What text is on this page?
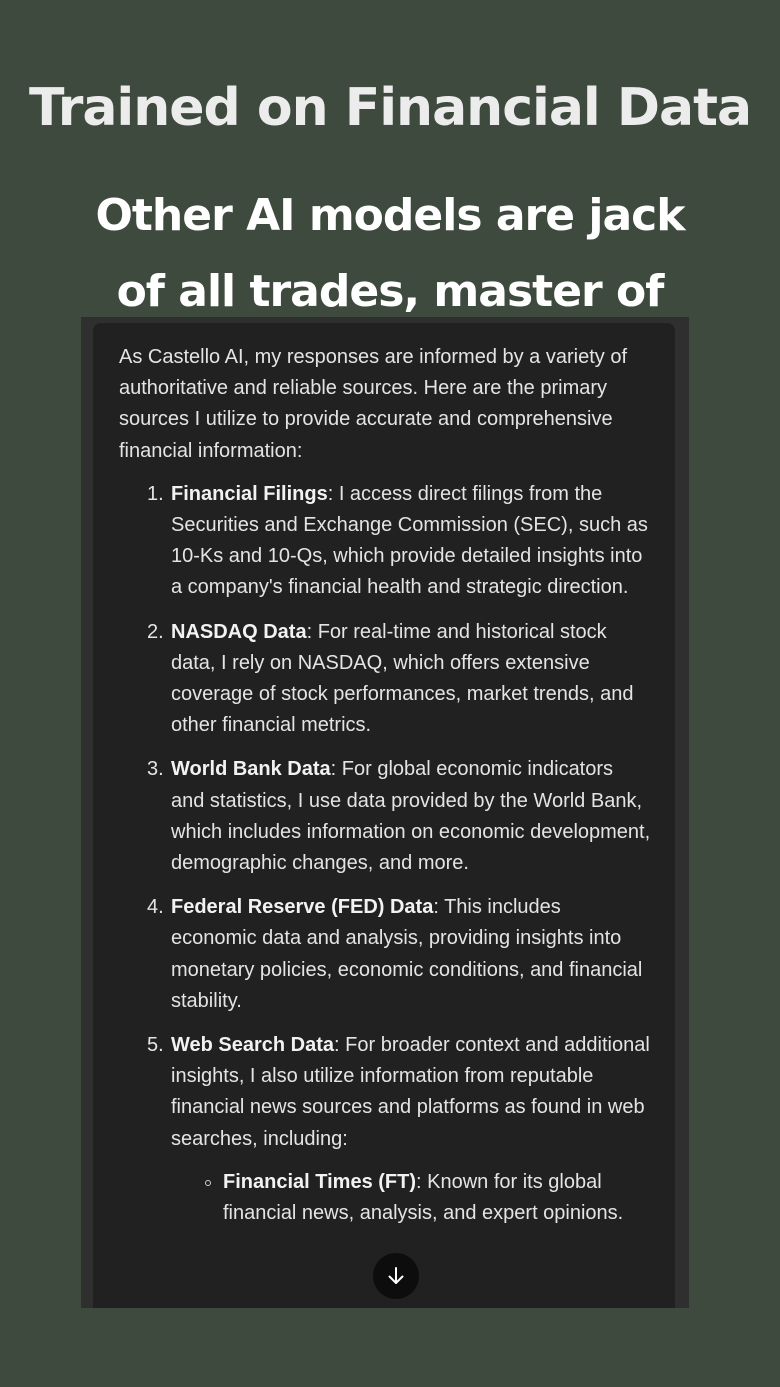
Trained on Financial Data
Other AI models are jack
of all trades, master of

As Castello AI, my responses are informed by a variety of authoritative and reliable sources. Here are the primary sources I utilize to provide accurate and comprehensive financial information:

1. Financial Filings: I access direct filings from the Securities and Exchange Commission (SEC), such as 10-Ks and 10-Qs, which provide detailed insights into a company's financial health and strategic direction.
2. NASDAQ Data: For real-time and historical stock data, I rely on NASDAQ, which offers extensive coverage of stock performances, market trends, and other financial metrics.
3. World Bank Data: For global economic indicators and statistics, I use data provided by the World Bank, which includes information on economic development, demographic changes, and more.
4. Federal Reserve (FED) Data: This includes economic data and analysis, providing insights into monetary policies, economic conditions, and financial stability.
5. Web Search Data: For broader context and additional insights, I also utilize information from reputable financial news sources and platforms as found in web searches, including:
Financial Times (FT): Known for its global financial news, analysis, and expert opinions.
